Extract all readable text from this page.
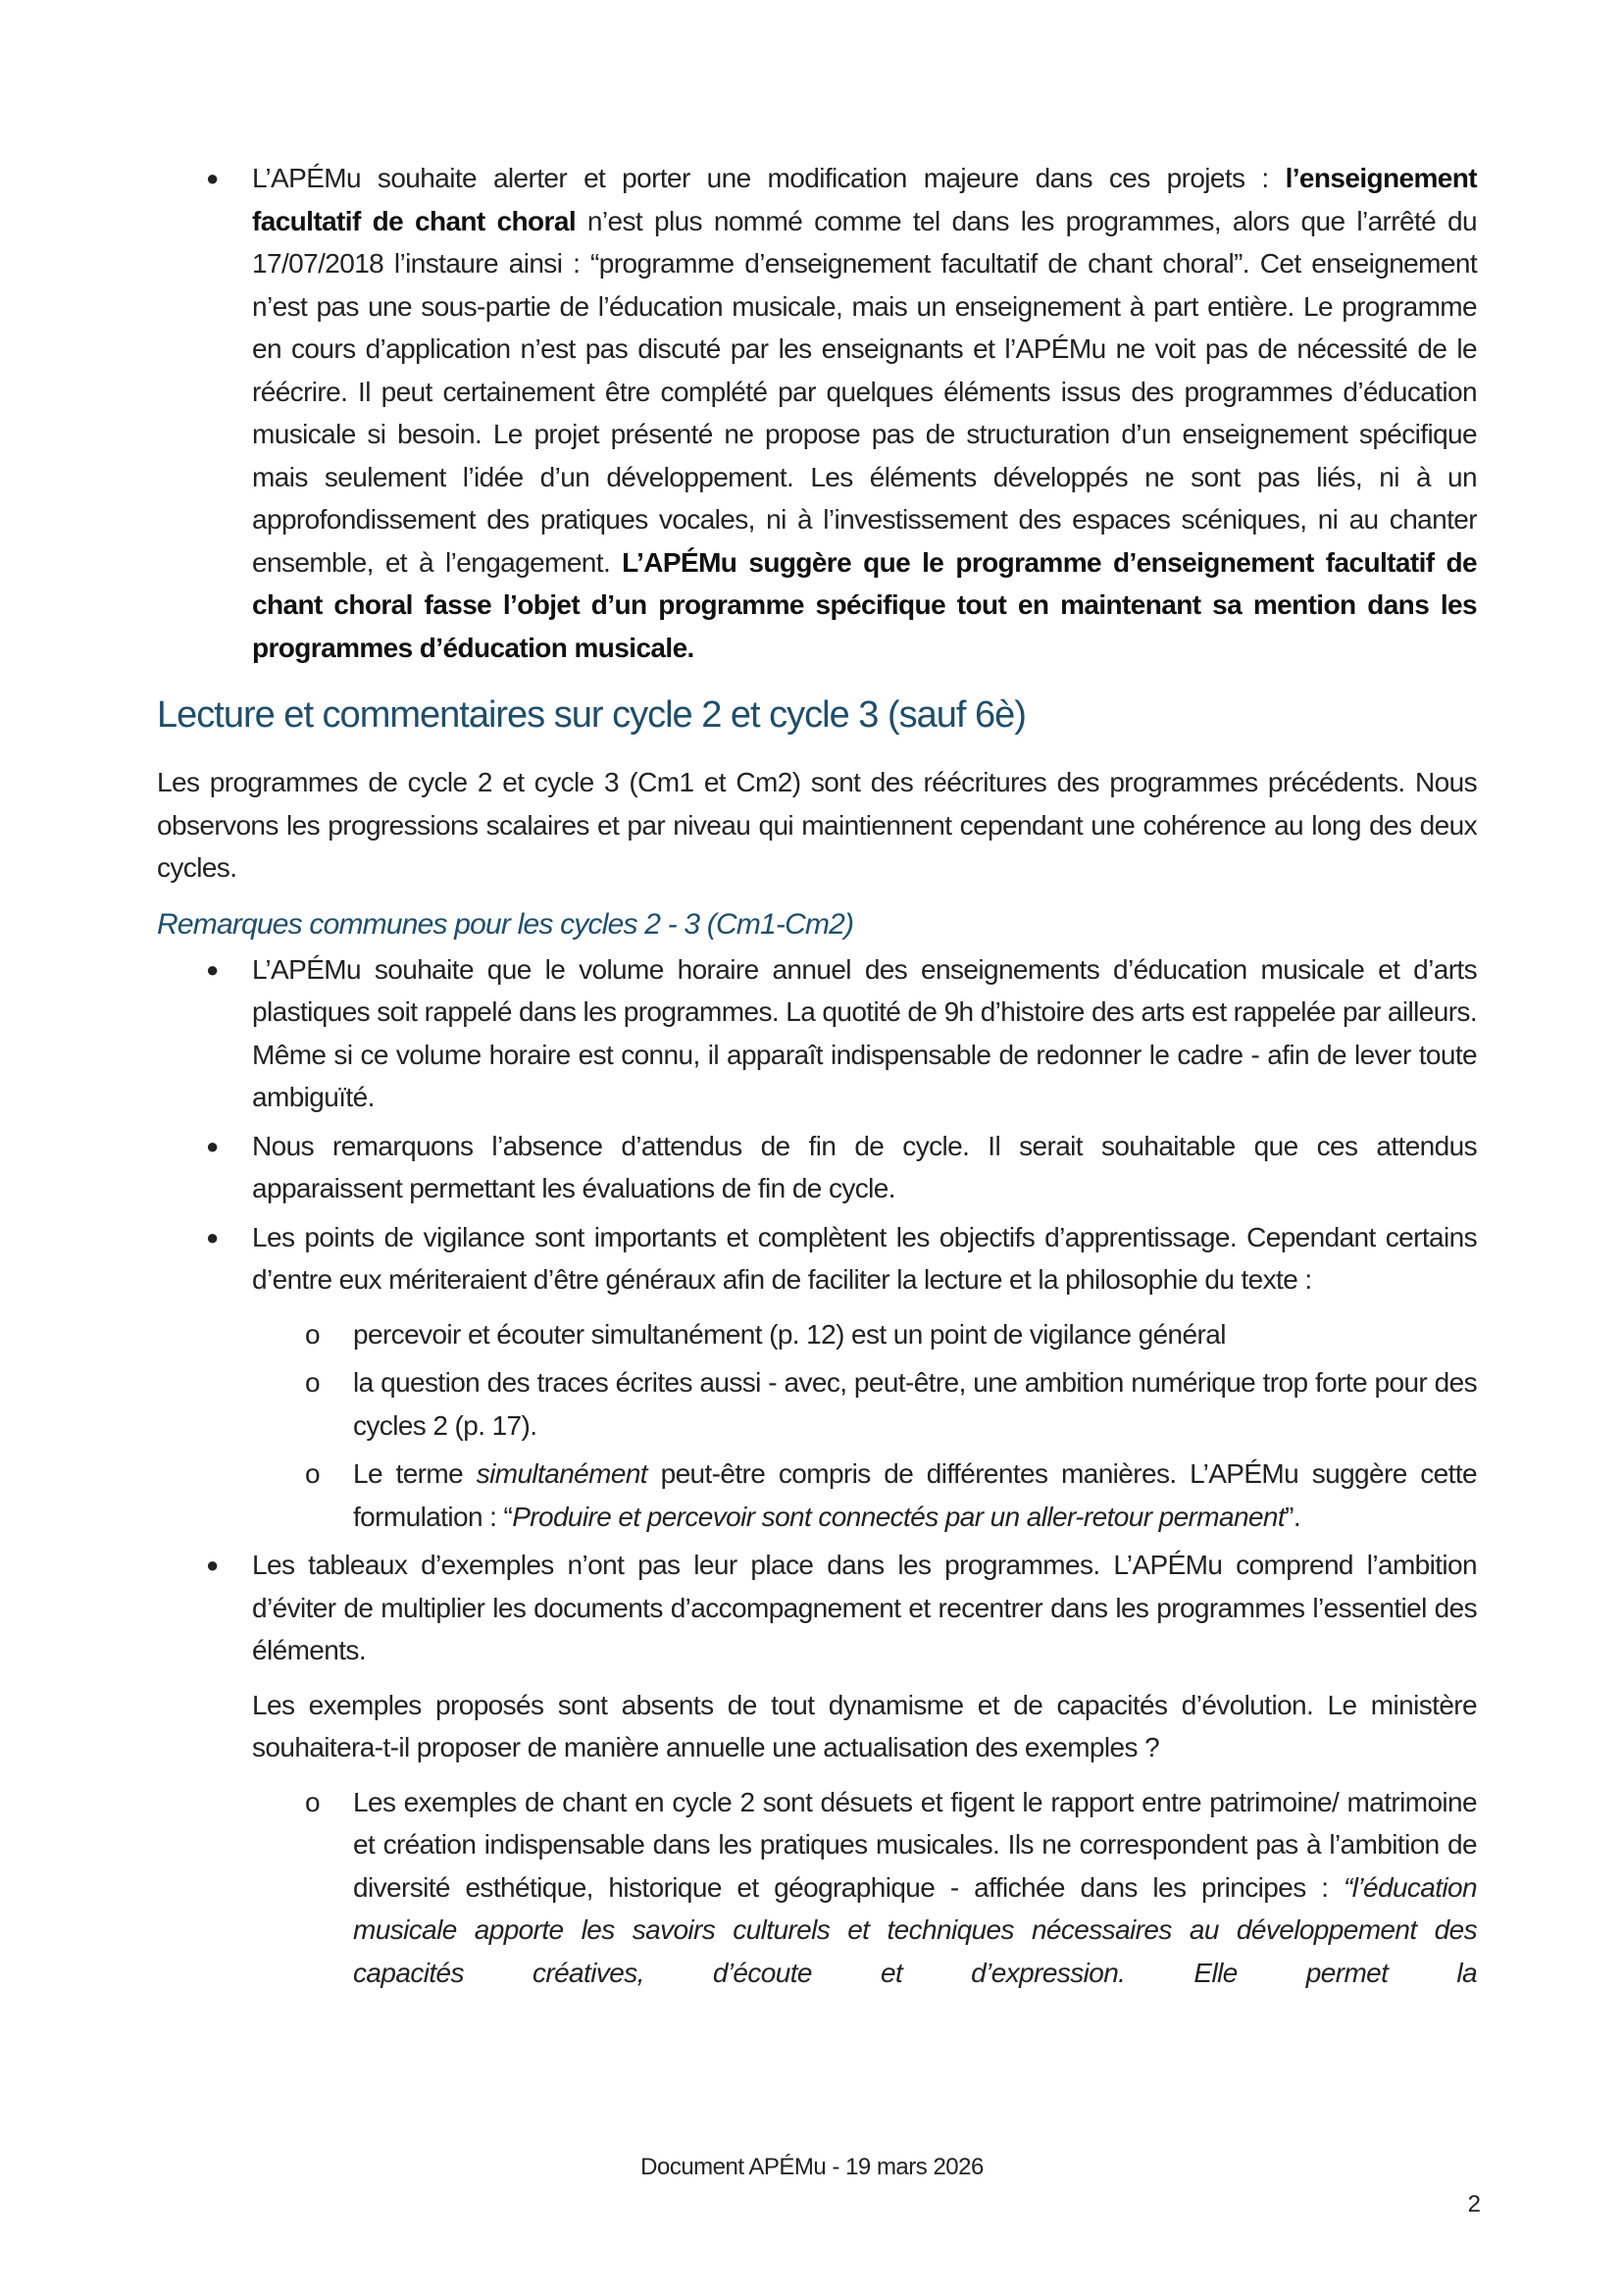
● L’APÉMu souhaite alerter et porter une modification majeure dans ces projets : l’enseignement facultatif de chant choral n’est plus nommé comme tel dans les programmes, alors que l’arrêté du 17/07/2018 l’instaure ainsi : “programme d’enseignement facultatif de chant choral”. Cet enseignement n’est pas une sous-partie de l’éducation musicale, mais un enseignement à part entière. Le programme en cours d’application n’est pas discuté par les enseignants et l’APÉMu ne voit pas de nécessité de le réécrire. Il peut certainement être complété par quelques éléments issus des programmes d’éducation musicale si besoin. Le projet présenté ne propose pas de structuration d’un enseignement spécifique mais seulement l’idée d’un développement. Les éléments développés ne sont pas liés, ni à un approfondissement des pratiques vocales, ni à l’investissement des espaces scéniques, ni au chanter ensemble, et à l’engagement. L’APÉMu suggère que le programme d’enseignement facultatif de chant choral fasse l’objet d’un programme spécifique tout en maintenant sa mention dans les programmes d’éducation musicale.

Lecture et commentaires sur cycle 2 et cycle 3 (sauf 6è)

Les programmes de cycle 2 et cycle 3 (Cm1 et Cm2) sont des réécritures des programmes précédents. Nous observons les progressions scalaires et par niveau qui maintiennent cependant une cohérence au long des deux cycles.

Remarques communes pour les cycles 2 - 3 (Cm1-Cm2)

● L’APÉMu souhaite que le volume horaire annuel des enseignements d’éducation musicale et d’arts plastiques soit rappelé dans les programmes. La quotité de 9h d’histoire des arts est rappelée par ailleurs. Même si ce volume horaire est connu, il apparaît indispensable de redonner le cadre - afin de lever toute ambiguïté.

● Nous remarquons l’absence d’attendus de fin de cycle. Il serait souhaitable que ces attendus apparaissent permettant les évaluations de fin de cycle.

● Les points de vigilance sont importants et complètent les objectifs d’apprentissage. Cependant certains d’entre eux mériteraient d’être généraux afin de faciliter la lecture et la philosophie du texte :

o percevoir et écouter simultanément (p. 12) est un point de vigilance général

o la question des traces écrites aussi - avec, peut-être, une ambition numérique trop forte pour des cycles 2 (p. 17).

o Le terme simultanément peut-être compris de différentes manières. L’APÉMu suggère cette formulation : “Produire et percevoir sont connectés par un aller-retour permanent”.

● Les tableaux d’exemples n’ont pas leur place dans les programmes. L’APÉMu comprend l’ambition d’éviter de multiplier les documents d’accompagnement et recentrer dans les programmes l’essentiel des éléments.

Les exemples proposés sont absents de tout dynamisme et de capacités d’évolution. Le ministère souhaitera-t-il proposer de manière annuelle une actualisation des exemples ?

o Les exemples de chant en cycle 2 sont désuets et figent le rapport entre patrimoine/ matrimoine et création indispensable dans les pratiques musicales. Ils ne correspondent pas à l’ambition de diversité esthétique, historique et géographique - affichée dans les principes : “l’éducation musicale apporte les savoirs culturels et techniques nécessaires au développement des capacités créatives, d’écoute et d’expression. Elle permet la

Document APÉMu - 19 mars 2026
2
